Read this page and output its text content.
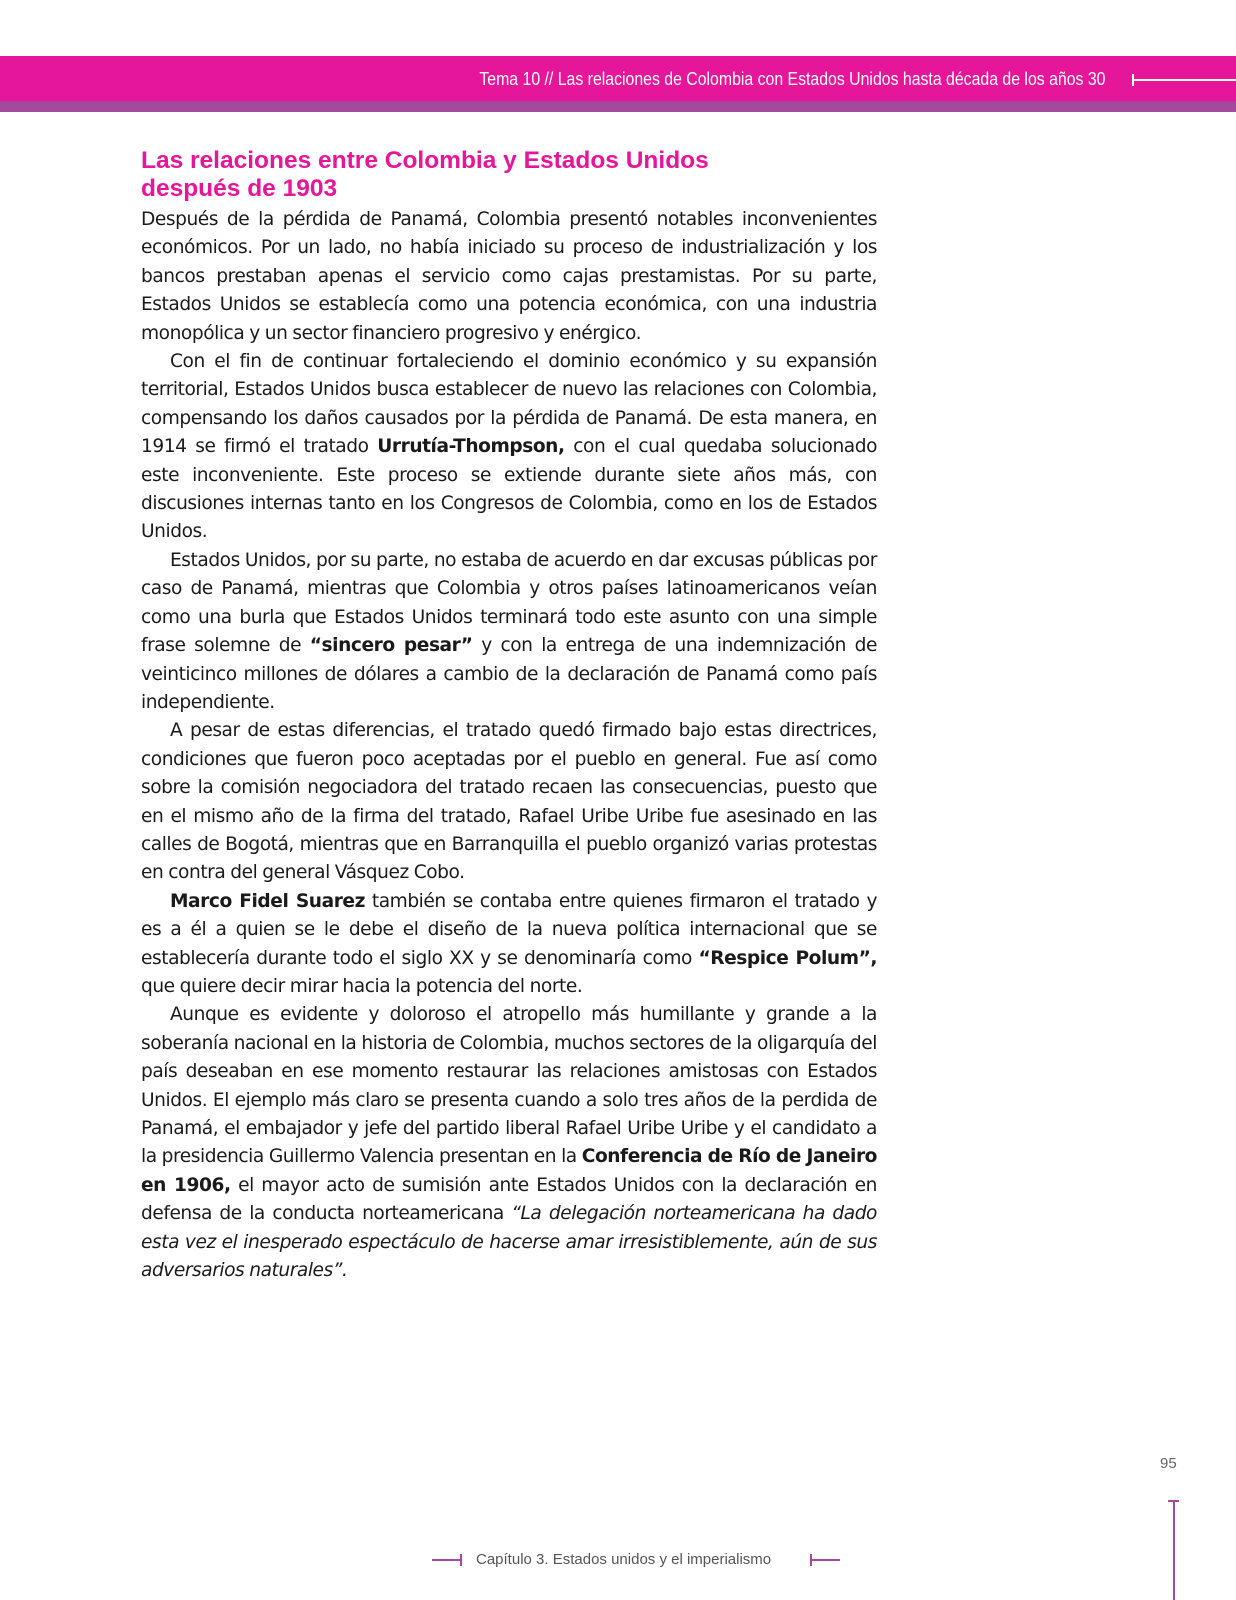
Tema 10 // Las relaciones de Colombia con Estados Unidos hasta década de los años 30
Las relaciones entre Colombia y Estados Unidos
después de 1903

Después de la pérdida de Panamá, Colombia presentó notables inconvenientes económicos. Por un lado, no había iniciado su proceso de industrialización y los bancos prestaban apenas el servicio como cajas prestamistas. Por su parte, Estados Unidos se establecía como una potencia económica, con una industria monopólica y un sector financiero progresivo y enérgico.

Con el fin de continuar fortaleciendo el dominio económico y su expansión territorial, Estados Unidos busca establecer de nuevo las relaciones con Colombia, compensando los daños causados por la pérdida de Panamá. De esta manera, en 1914 se firmó el tratado Urrutía-Thompson, con el cual quedaba solucionado este inconveniente. Este proceso se extiende durante siete años más, con discusiones internas tanto en los Congresos de Colombia, como en los de Estados Unidos.

Estados Unidos, por su parte, no estaba de acuerdo en dar excusas públicas por caso de Panamá, mientras que Colombia y otros países latinoamericanos veían como una burla que Estados Unidos terminará todo este asunto con una simple frase solemne de “sincero pesar” y con la entrega de una indemnización de veinticinco millones de dólares a cambio de la declaración de Panamá como país independiente.

A pesar de estas diferencias, el tratado quedó firmado bajo estas directrices, condiciones que fueron poco aceptadas por el pueblo en general. Fue así como sobre la comisión negociadora del tratado recaen las consecuencias, puesto que en el mismo año de la firma del tratado, Rafael Uribe Uribe fue asesinado en las calles de Bogotá, mientras que en Barranquilla el pueblo organizó varias protestas en contra del general Vásquez Cobo.

Marco Fidel Suarez también se contaba entre quienes firmaron el tratado y es a él a quien se le debe el diseño de la nueva política internacional que se establecería durante todo el siglo XX y se denominaría como “Respice Polum”, que quiere decir mirar hacia la potencia del norte.

Aunque es evidente y doloroso el atropello más humillante y grande a la soberanía nacional en la historia de Colombia, muchos sectores de la oligarquía del país deseaban en ese momento restaurar las relaciones amistosas con Estados Unidos. El ejemplo más claro se presenta cuando a solo tres años de la perdida de Panamá, el embajador y jefe del partido liberal Rafael Uribe Uribe y el candidato a la presidencia Guillermo Valencia presentan en la Conferencia de Río de Janeiro en 1906, el mayor acto de sumisión ante Estados Unidos con la declaración en defensa de la conducta norteamericana “La delegación norteamericana ha dado esta vez el inesperado espectáculo de hacerse amar irresistiblemente, aún de sus adversarios naturales”.

95
Capítulo 3. Estados unidos y el imperialismo
